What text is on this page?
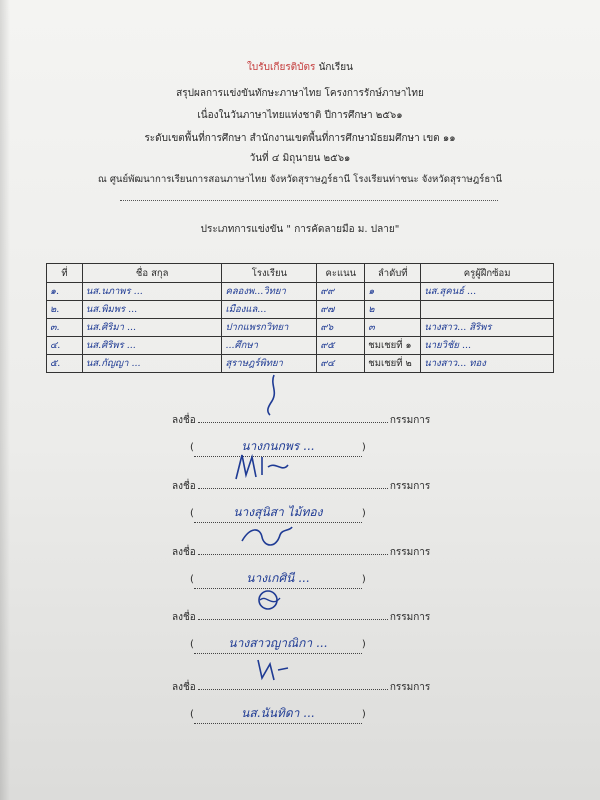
ใบรับเกียรติบัตร นักเรียน
สรุปผลการแข่งขันทักษะภาษาไทย โครงการรักษ์ภาษาไทย
เนื่องในวันภาษาไทยแห่งชาติ ปีการศึกษา ๒๕๖๑
ระดับเขตพื้นที่การศึกษา สำนักงานเขตพื้นที่การศึกษามัธยมศึกษา เขต ๑๑
วันที่ ๔ มิถุนายน ๒๕๖๑
ณ ศูนย์พัฒนาการเรียนการสอนภาษาไทย จังหวัดสุราษฎร์ธานี โรงเรียนท่าชนะ จังหวัดสุราษฎร์ธานี
ประเภทการแข่งขัน " การคัดลายมือ ม. ปลาย"
ที่	ชื่อ สกุล	โรงเรียน	คะแนน	ลำดับที่	ครูผู้ฝึกซ้อม
๑.	นส.นภาพร ...	คลองพ...วิทยา	๙๙	๑	นส.สุคนธ์ ...
๒.	นส.พิมพร ...	เมืองแล...	๙๗	๒	
๓.	นส.ศิริมา ...	ปากแพรกวิทยา	๙๖	๓	นางสาว... สิริพร
๔.	นส.ศิริพร ...	...ศึกษา	๙๕	ชมเชยที่ ๑	นายวิชัย ...
๕.	นส.กัญญา ...	สุราษฎร์พิทยา	๙๔	ชมเชยที่ ๒	นางสาว... ทอง
ลงชื่อ	กรรมการ
(	นางกนกพร ...	)
ลงชื่อ	กรรมการ
(	นางสุนิสา ไม้ทอง	)
ลงชื่อ	กรรมการ
(	นางเกศินี ...	)
ลงชื่อ	กรรมการ
(	นางสาวญาณิกา ...	)
ลงชื่อ	กรรมการ
(	นส.นันทิดา ...	)
